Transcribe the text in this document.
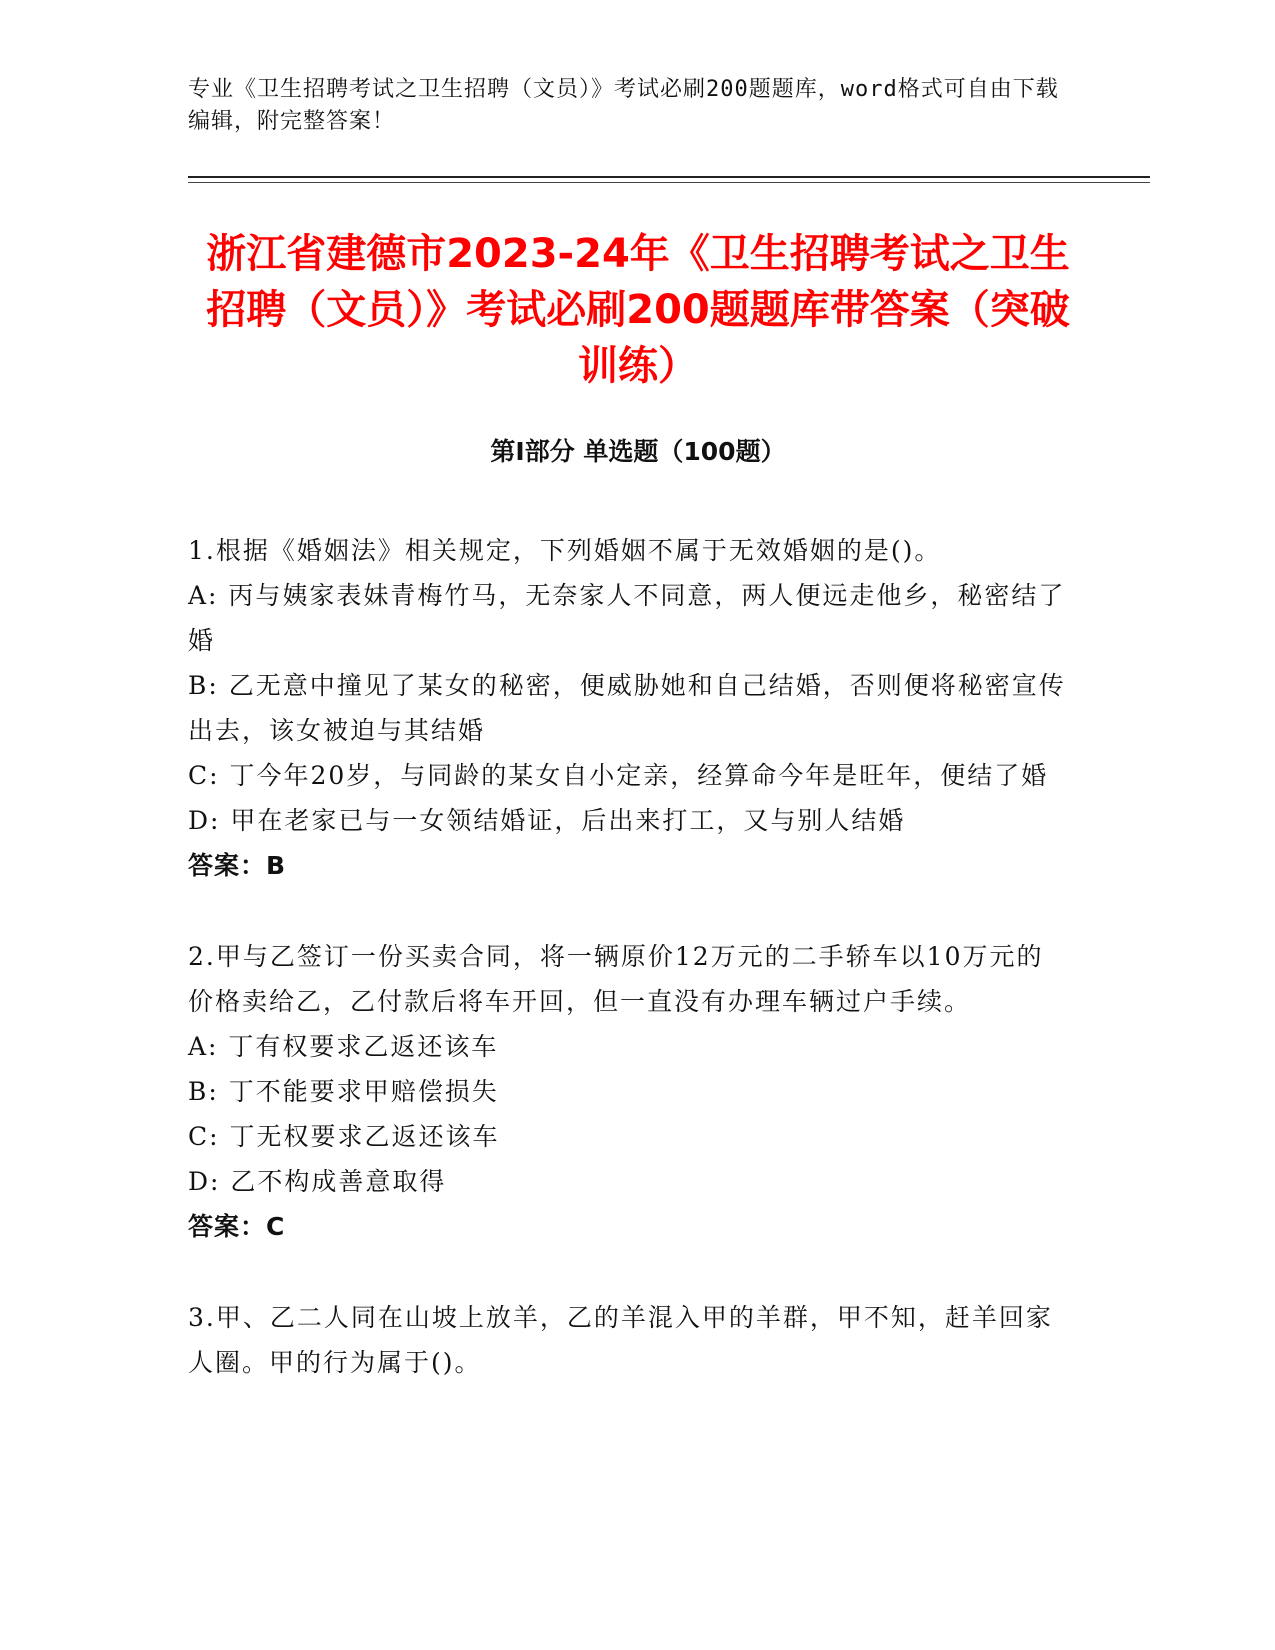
专业《卫生招聘考试之卫生招聘（文员）》考试必刷200题题库，word格式可自由下载编辑，附完整答案！
浙江省建德市2023-24年《卫生招聘考试之卫生招聘（文员）》考试必刷200题题库带答案（突破训练）
第Ⅰ部分 单选题（100题）
1.根据《婚姻法》相关规定，下列婚姻不属于无效婚姻的是()。
A: 丙与姨家表妹青梅竹马，无奈家人不同意，两人便远走他乡，秘密结了婚
B: 乙无意中撞见了某女的秘密，便威胁她和自己结婚，否则便将秘密宣传出去，该女被迫与其结婚
C: 丁今年20岁，与同龄的某女自小定亲，经算命今年是旺年，便结了婚
D: 甲在老家已与一女领结婚证，后出来打工，又与别人结婚
答案：B
2.甲与乙签订一份买卖合同，将一辆原价12万元的二手轿车以10万元的价格卖给乙，乙付款后将车开回，但一直没有办理车辆过户手续。
A: 丁有权要求乙返还该车
B: 丁不能要求甲赔偿损失
C: 丁无权要求乙返还该车
D: 乙不构成善意取得
答案：C
3.甲、乙二人同在山坡上放羊，乙的羊混入甲的羊群，甲不知，赶羊回家人圈。甲的行为属于()。
